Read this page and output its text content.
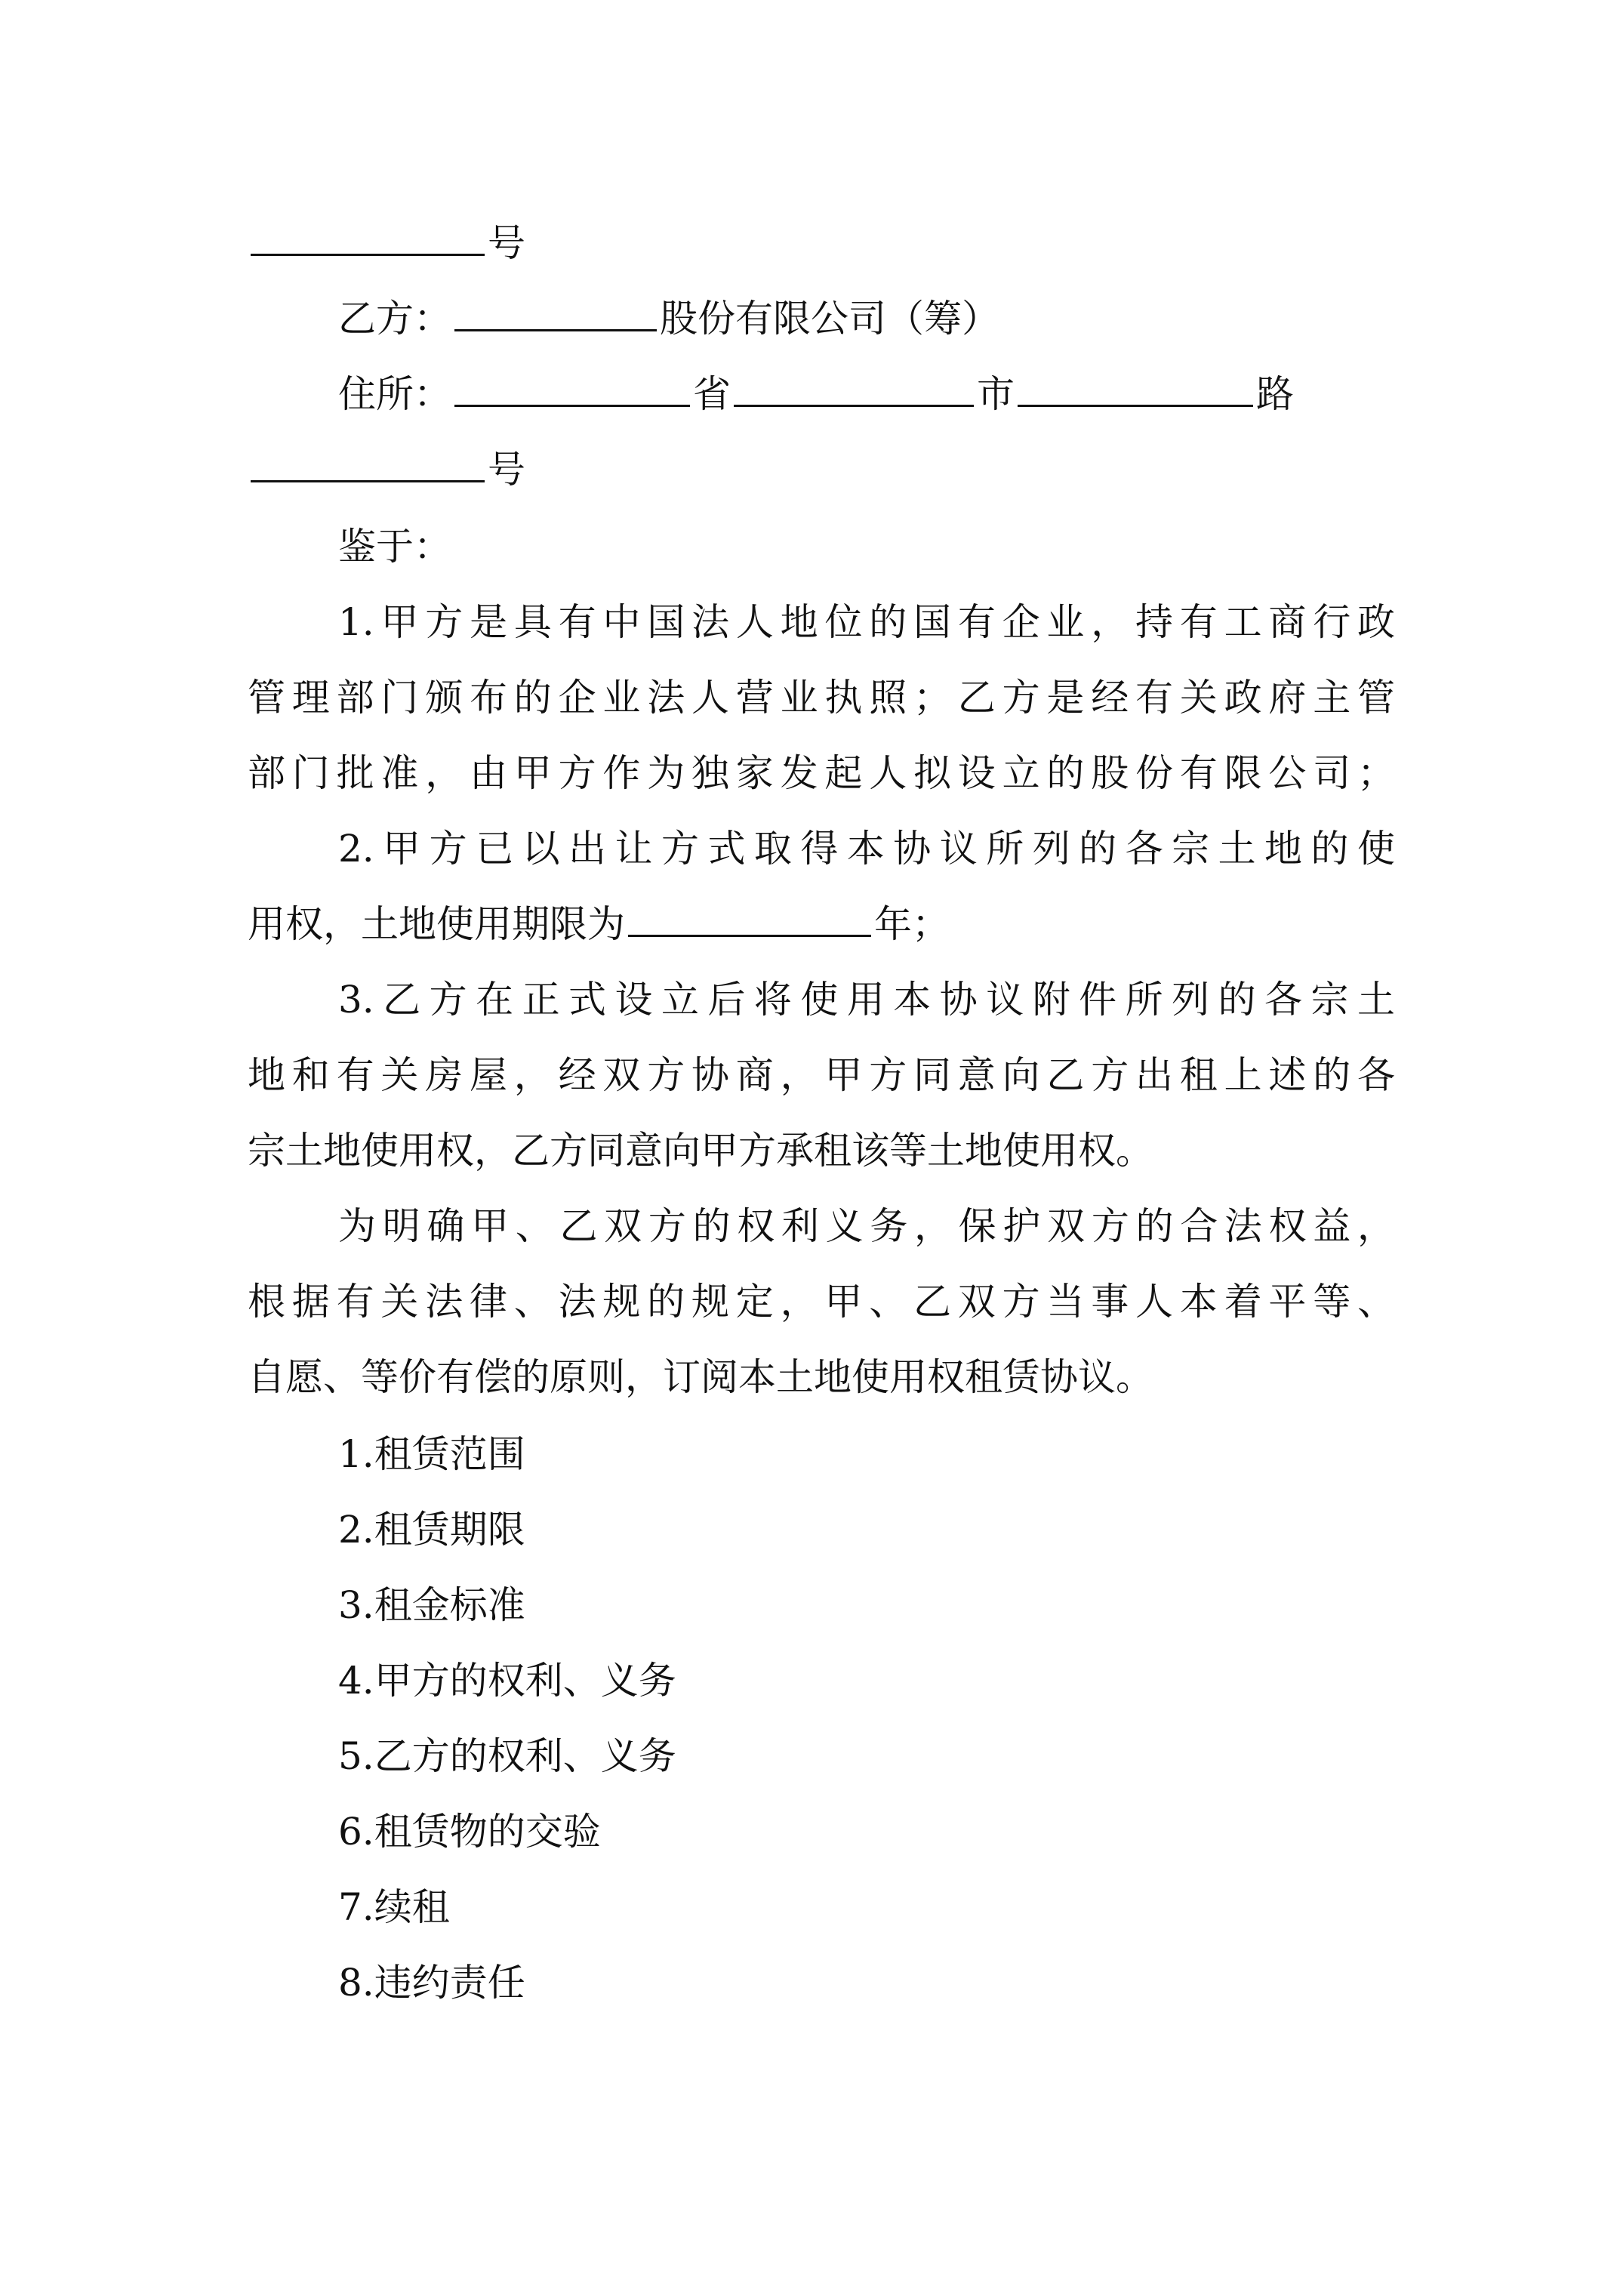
号
乙方：	股份有限公司（筹）
住所：	省	市	路
号
鉴于：
1.甲方是具有中国法人地位的国有企业，持有工商行政
管理部门颁布的企业法人营业执照；乙方是经有关政府主管
部门批准，由甲方作为独家发起人拟设立的股份有限公司；
2.甲方已以出让方式取得本协议所列的各宗土地的使
用权，土地使用期限为	年；
3.乙方在正式设立后将使用本协议附件所列的各宗土
地和有关房屋，经双方协商，甲方同意向乙方出租上述的各
宗土地使用权，乙方同意向甲方承租该等土地使用权。
为明确甲、乙双方的权利义务，保护双方的合法权益，
根据有关法律、法规的规定，甲、乙双方当事人本着平等、
自愿、等价有偿的原则，订阅本土地使用权租赁协议。
1.租赁范围
2.租赁期限
3.租金标准
4.甲方的权利、义务
5.乙方的权利、义务
6.租赁物的交验
7.续租
8.违约责任
